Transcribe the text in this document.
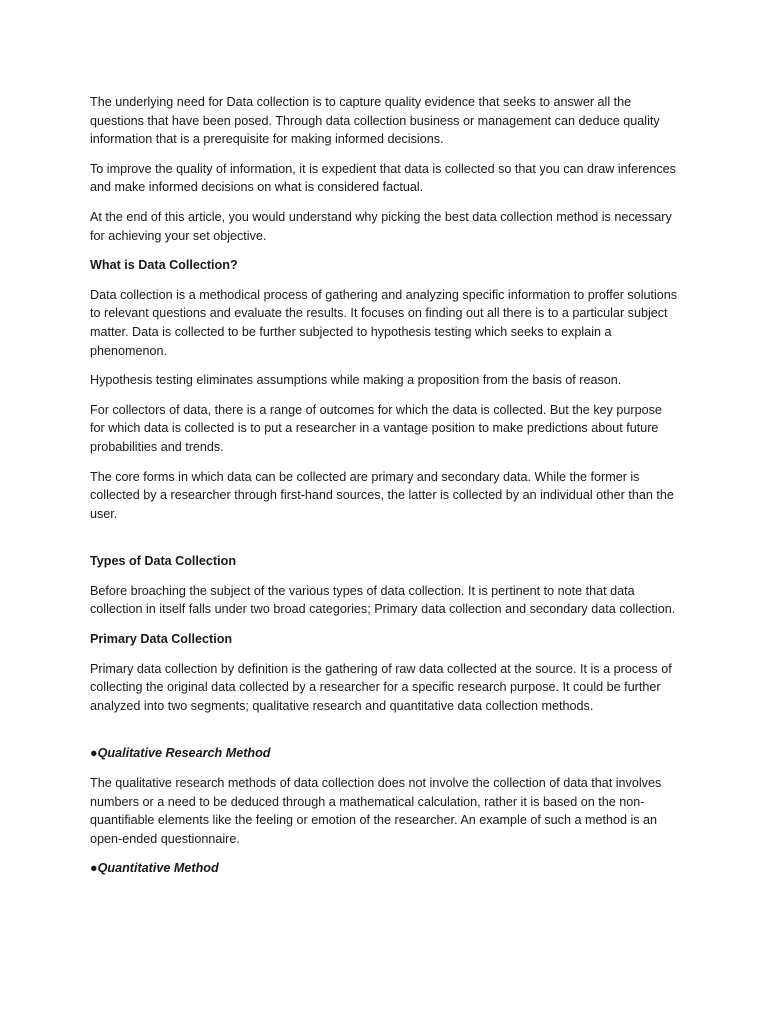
The underlying need for Data collection is to capture quality evidence that seeks to answer all the questions that have been posed. Through data collection business or management can deduce quality information that is a prerequisite for making informed decisions.

To improve the quality of information, it is expedient that data is collected so that you can draw inferences and make informed decisions on what is considered factual.

At the end of this article, you would understand why picking the best data collection method is necessary for achieving your set objective.

What is Data Collection?

Data collection is a methodical process of gathering and analyzing specific information to proffer solutions to relevant questions and evaluate the results. It focuses on finding out all there is to a particular subject matter. Data is collected to be further subjected to hypothesis testing which seeks to explain a phenomenon.

Hypothesis testing eliminates assumptions while making a proposition from the basis of reason.

For collectors of data, there is a range of outcomes for which the data is collected. But the key purpose for which data is collected is to put a researcher in a vantage position to make predictions about future probabilities and trends.

The core forms in which data can be collected are primary and secondary data. While the former is collected by a researcher through first-hand sources, the latter is collected by an individual other than the user.

Types of Data Collection

Before broaching the subject of the various types of data collection. It is pertinent to note that data collection in itself falls under two broad categories; Primary data collection and secondary data collection.

Primary Data Collection

Primary data collection by definition is the gathering of raw data collected at the source. It is a process of collecting the original data collected by a researcher for a specific research purpose. It could be further analyzed into two segments; qualitative research and quantitative data collection methods.

●Qualitative Research Method

The qualitative research methods of data collection does not involve the collection of data that involves numbers or a need to be deduced through a mathematical calculation, rather it is based on the non-quantifiable elements like the feeling or emotion of the researcher. An example of such a method is an open-ended questionnaire.

●Quantitative Method
